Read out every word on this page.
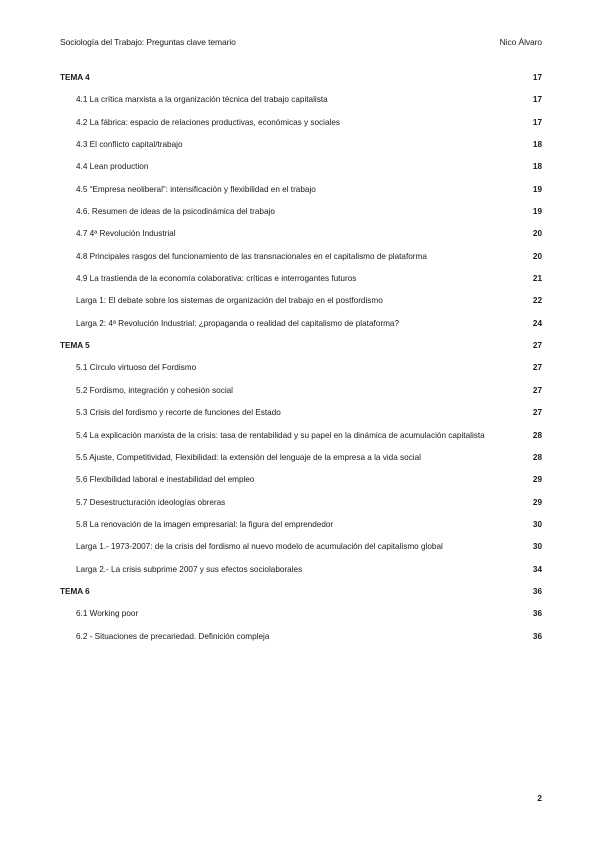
Sociología del Trabajo: Preguntas clave temario	Nico Álvaro
TEMA 4	17
4.1 La crítica marxista a la organización técnica del trabajo capitalista	17
4.2 La fábrica: espacio de relaciones productivas, económicas y sociales	17
4.3 El conflicto capital/trabajo	18
4.4 Lean production	18
4.5 “Empresa neoliberal”: intensificación y flexibilidad en el trabajo	19
4.6. Resumen de ideas de la psicodinámica del trabajo	19
4.7 4ª Revolución Industrial	20
4.8 Principales rasgos del funcionamiento de las transnacionales en el capitalismo de plataforma	20
4.9 La trastienda de la economía colaborativa: críticas e interrogantes futuros	21
Larga 1: El debate sobre los sistemas de organización del trabajo en el postfordismo	22
Larga 2: 4ª Revolución Industrial: ¿propaganda o realidad del capitalismo de plataforma?	24
TEMA 5	27
5.1 Círculo virtuoso del Fordismo	27
5.2 Fordismo, integración y cohesión social	27
5.3 Crisis del fordismo y recorte de funciones del Estado	27
5.4 La explicación marxista de la crisis: tasa de rentabilidad y su papel en la dinámica de acumulación capitalista	28
5.5 Ajuste, Competitividad, Flexibilidad: la extensión del lenguaje de la empresa a la vida social	28
5.6 Flexibilidad laboral e inestabilidad del empleo	29
5.7 Desestructuración ideologías obreras	29
5.8 La renovación de la imagen empresarial: la figura del emprendedor	30
Larga 1.- 1973-2007: de la crisis del fordismo al nuevo modelo de acumulación del capitalismo global	30
Larga 2.- La crisis subprime 2007 y sus efectos sociolaborales	34
TEMA 6	36
6.1 Working poor	36
6.2 - Situaciones de precariedad. Definición compleja	36
2
